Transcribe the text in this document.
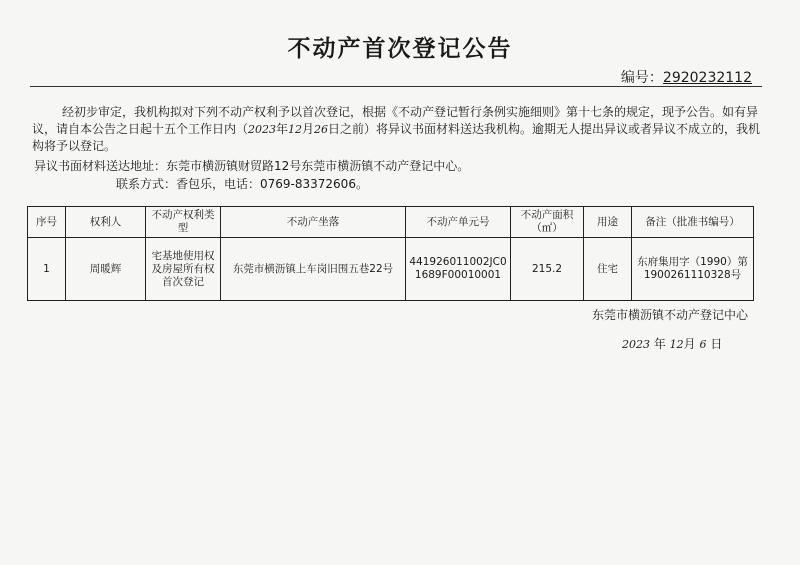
不动产首次登记公告
编号：2920232112
经初步审定，我机构拟对下列不动产权利予以首次登记，根据《不动产登记暂行条例实施细则》第十七条的规定，现予公告。如有异议，请自本公告之日起十五个工作日内（2023年12月26日之前）将异议书面材料送达我机构。逾期无人提出异议或者异议不成立的，我机构将予以登记。
异议书面材料送达地址：东莞市横沥镇财贸路12号东莞市横沥镇不动产登记中心。
联系方式：香包乐，电话：0769-83372606。
序号	权利人	不动产权利类型	不动产坐落	不动产单元号	不动产面积（㎡）	用途	备注（批准书编号）
1	周暖辉	宅基地使用权及房屋所有权首次登记	东莞市横沥镇上车岗旧围五巷22号	441926011002JC01689F00010001	215.2	住宅	东府集用字（1990）第1900261110328号
东莞市横沥镇不动产登记中心
2023 年 12月 6 日
